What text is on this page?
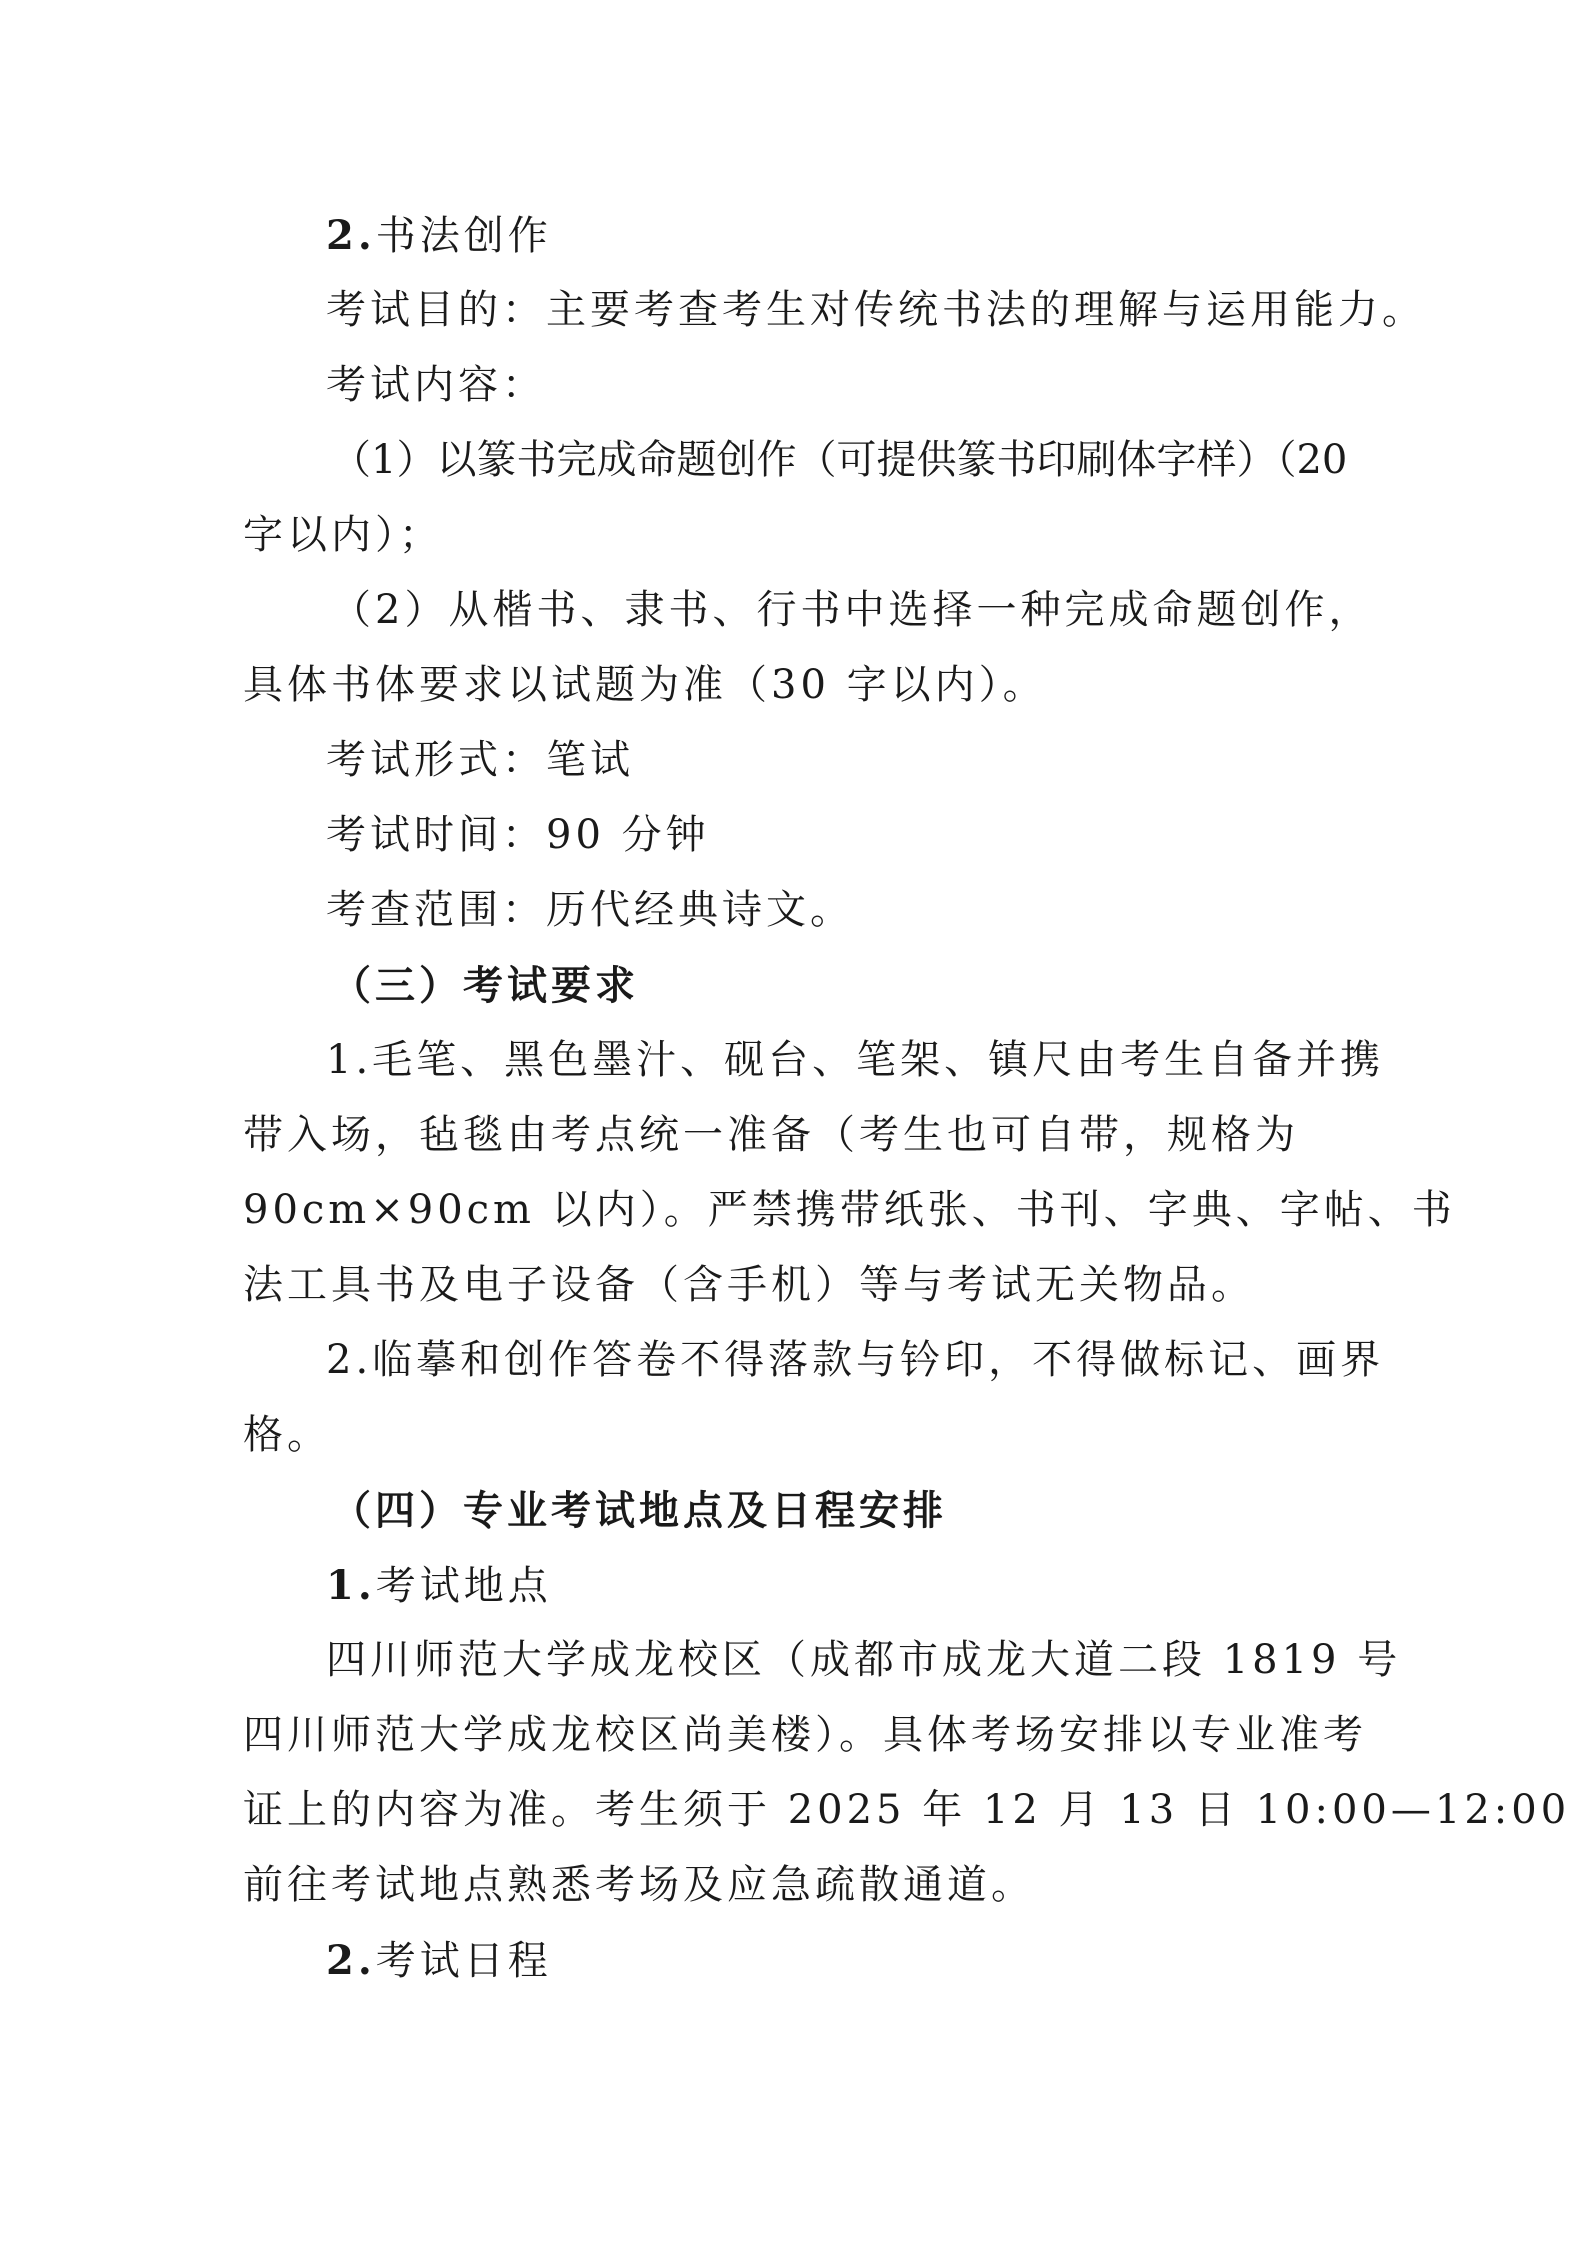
2.书法创作
考试目的：主要考查考生对传统书法的理解与运用能力。
考试内容：
（1）以篆书完成命题创作（可提供篆书印刷体字样）（20
字以内）；
（2）从楷书、隶书、行书中选择一种完成命题创作，
具体书体要求以试题为准（30 字以内）。
考试形式：笔试
考试时间：90 分钟
考查范围：历代经典诗文。
（三）考试要求
1.毛笔、黑色墨汁、砚台、笔架、镇尺由考生自备并携
带入场，毡毯由考点统一准备（考生也可自带，规格为
90cm×90cm 以内）。严禁携带纸张、书刊、字典、字帖、书
法工具书及电子设备（含手机）等与考试无关物品。
2.临摹和创作答卷不得落款与钤印，不得做标记、画界
格。
（四）专业考试地点及日程安排
1.考试地点
四川师范大学成龙校区（成都市成龙大道二段 1819 号
四川师范大学成龙校区尚美楼）。具体考场安排以专业准考
证上的内容为准。考生须于 2025 年 12 月 13 日 10:00—12:00
前往考试地点熟悉考场及应急疏散通道。
2.考试日程
